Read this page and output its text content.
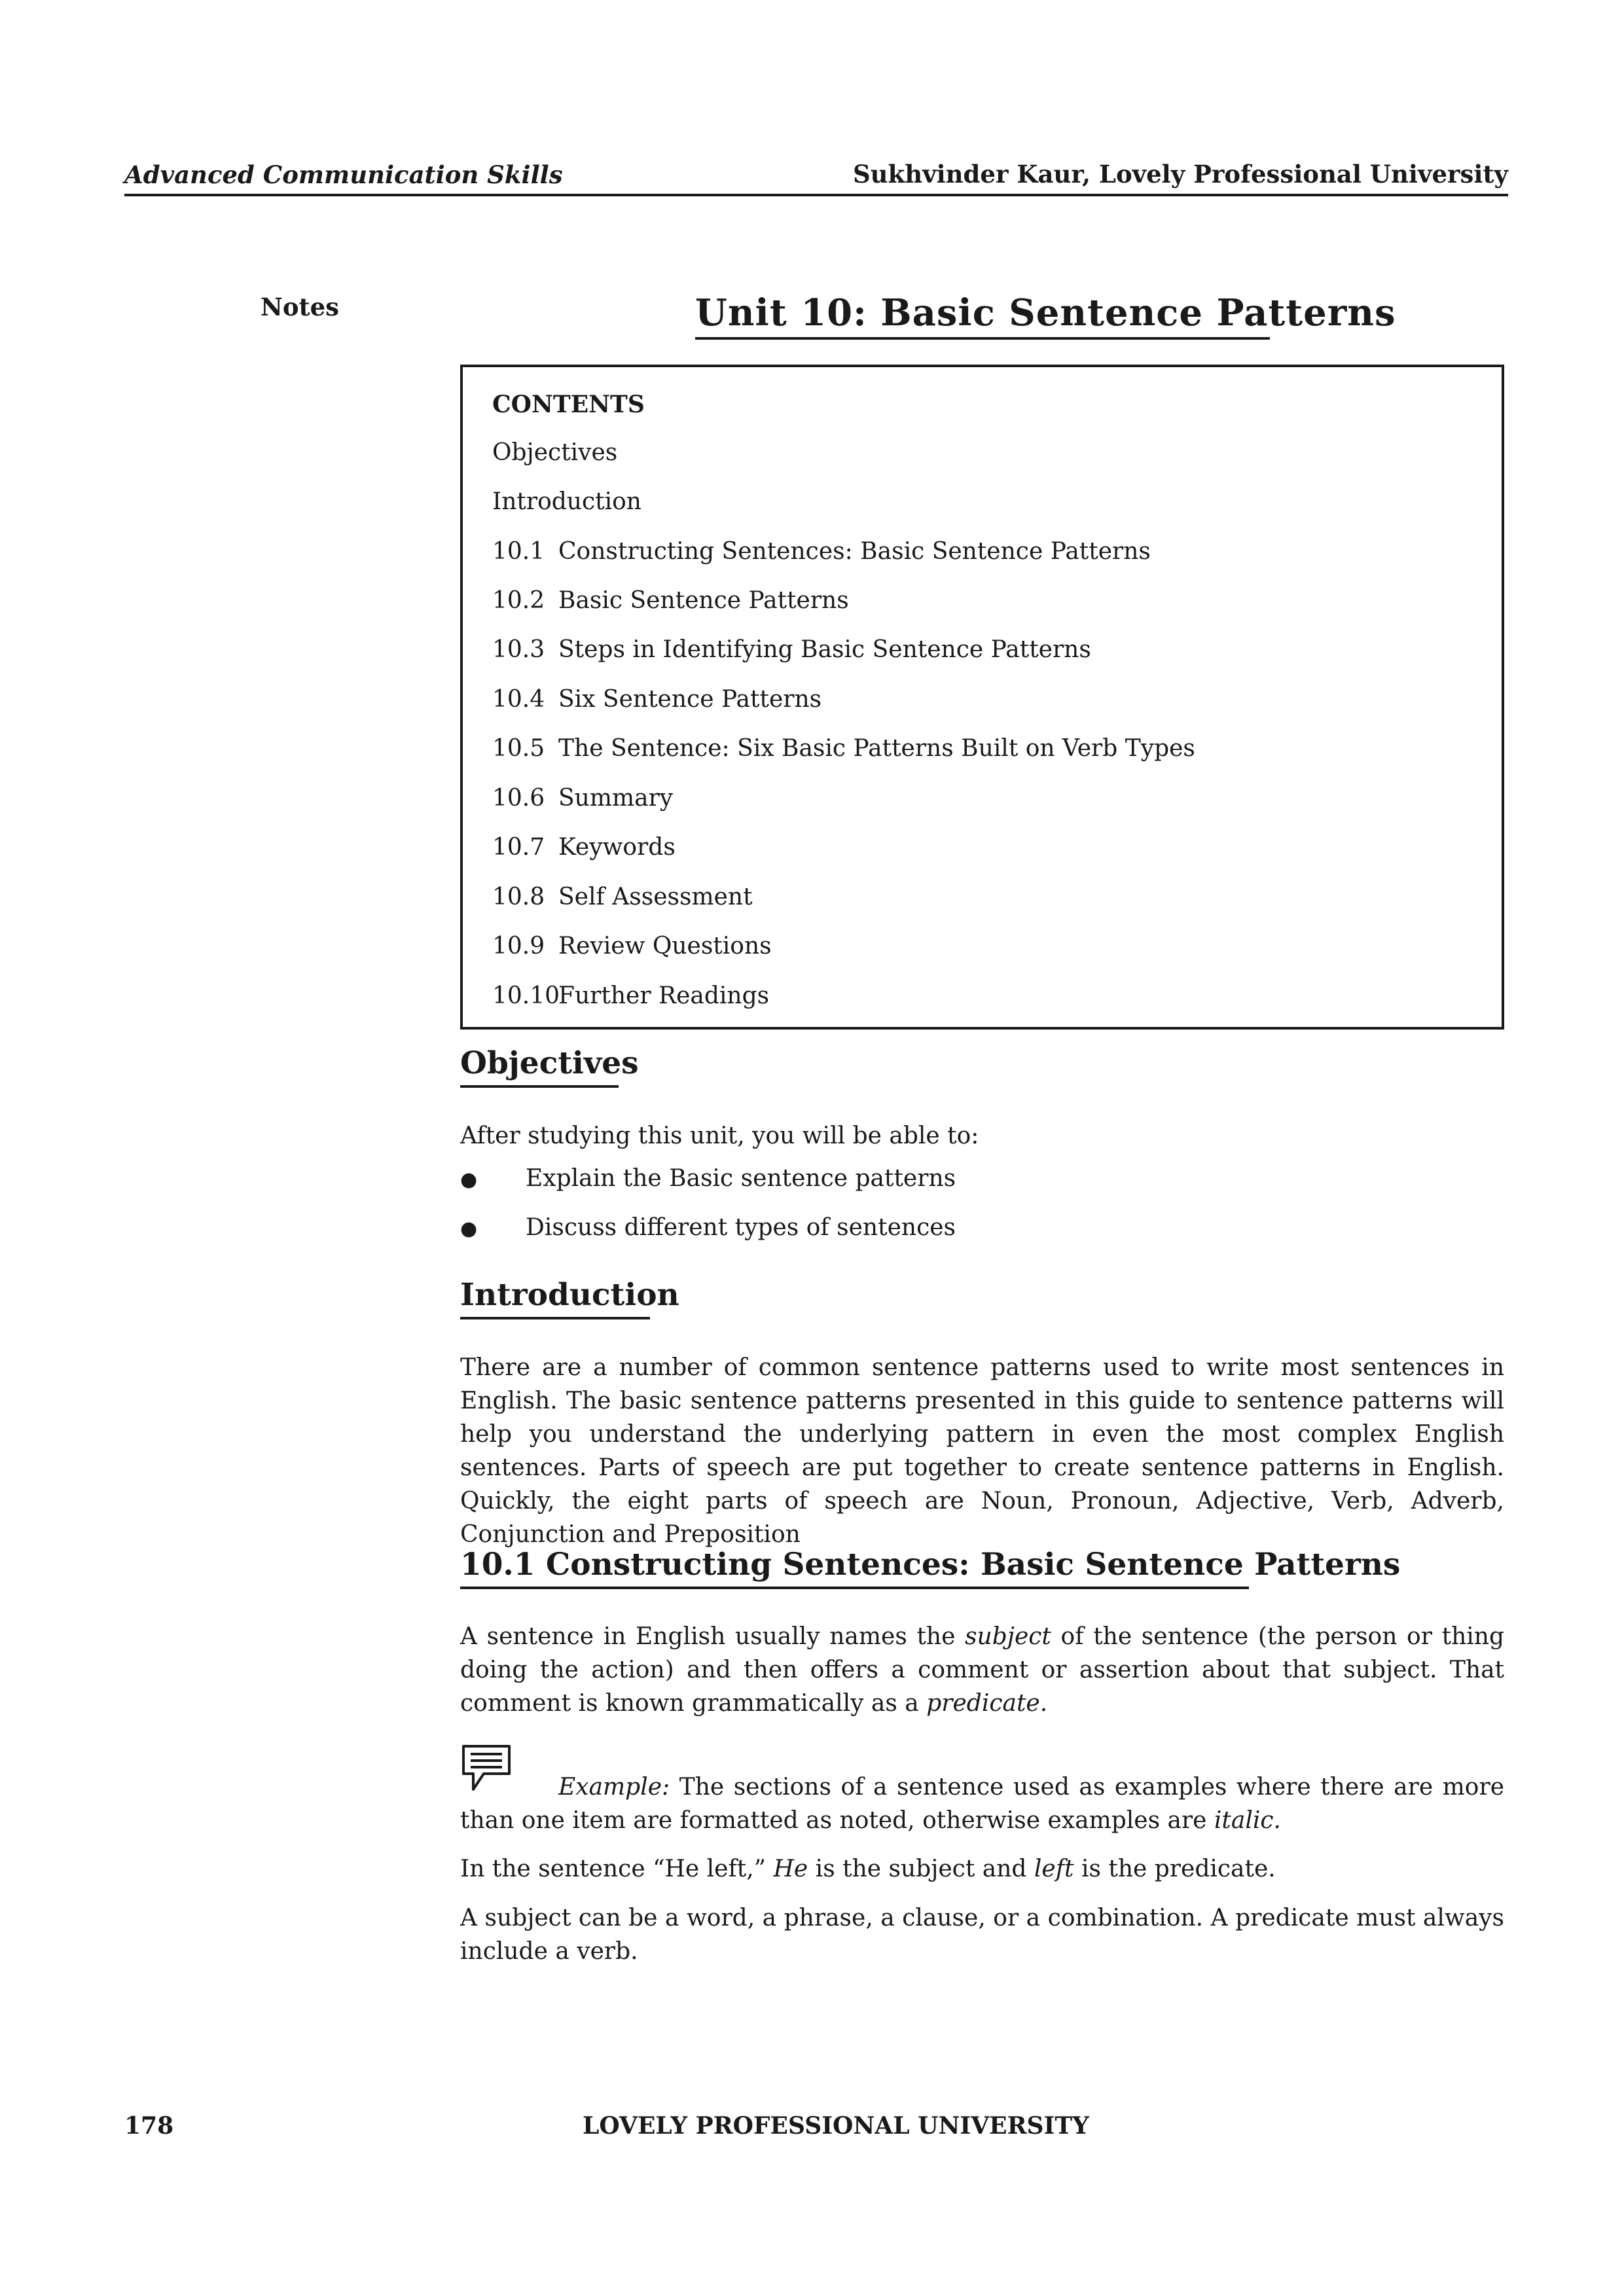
Advanced Communication Skills	Sukhvinder Kaur, Lovely Professional University
Notes	Unit 10: Basic Sentence Patterns
CONTENTS
Objectives
Introduction
10.1 Constructing Sentences: Basic Sentence Patterns
10.2 Basic Sentence Patterns
10.3 Steps in Identifying Basic Sentence Patterns
10.4 Six Sentence Patterns
10.5 The Sentence: Six Basic Patterns Built on Verb Types
10.6 Summary
10.7 Keywords
10.8 Self Assessment
10.9 Review Questions
10.10Further Readings
Objectives
After studying this unit, you will be able to:
● Explain the Basic sentence patterns
● Discuss different types of sentences
Introduction
There are a number of common sentence patterns used to write most sentences in English. The basic sentence patterns presented in this guide to sentence patterns will help you understand the underlying pattern in even the most complex English sentences. Parts of speech are put together to create sentence patterns in English. Quickly, the eight parts of speech are Noun, Pronoun, Adjective, Verb, Adverb, Conjunction and Preposition
10.1 Constructing Sentences: Basic Sentence Patterns
A sentence in English usually names the subject of the sentence (the person or thing doing the action) and then offers a comment or assertion about that subject. That comment is known grammatically as a predicate.
Example: The sections of a sentence used as examples where there are more than one item are formatted as noted, otherwise examples are italic.
In the sentence “He left,” He is the subject and left is the predicate.
A subject can be a word, a phrase, a clause, or a combination. A predicate must always include a verb.
178	LOVELY PROFESSIONAL UNIVERSITY
